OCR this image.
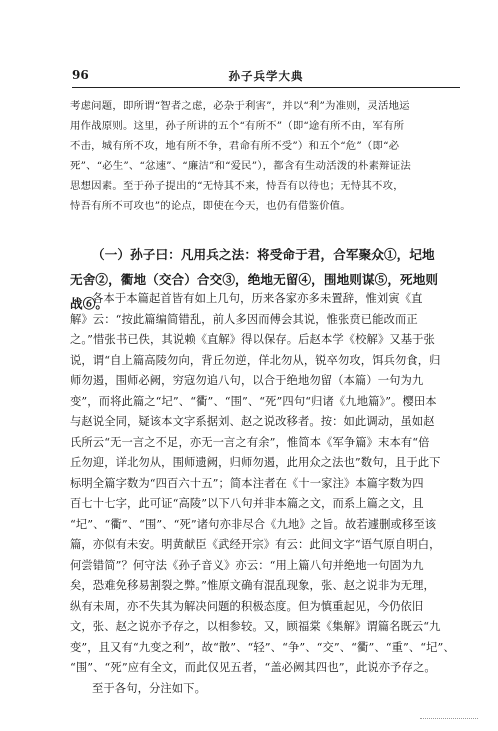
96	孙子兵学大典
考虑问题，即所谓“智者之虑，必杂于利害”，并以“利”为准则，灵活地运
用作战原则。这里，孙子所讲的五个“有所不”（即“途有所不由，军有所
不击，城有所不攻，地有所不争，君命有所不受”）和五个“危”（即“必
死”、“必生”、“忿速”、“廉洁”和“爱民”），都含有生动活泼的朴素辩证法
思想因素。至于孙子提出的“无恃其不来，恃吾有以待也；无恃其不攻，
恃吾有所不可攻也”的论点，即使在今天，也仍有借鉴价值。
（一）孙子曰：凡用兵之法：将受命于君，合军聚众①，圮地
无舍②，衢地（交合）合交③，绝地无留④，围地则谋⑤，死地则
战⑥。
各本于本篇起首皆有如上几句，历来各家亦多未置辞，惟刘寅《直
解》云：“按此篇编简错乱，前人多因而傅会其说，惟张贲已能改而正
之。”惜张书已佚，其说赖《直解》得以保存。后赵本学《校解》又基于张
说，谓“自上篇高陵勿向，背丘勿逆，佯北勿从，锐卒勿攻，饵兵勿食，归
师勿遏，围师必阙，穷寇勿追八句，以合于绝地勿留（本篇）一句为九
变”，而将此篇之“圮”、“衢”、“围”、“死”四句“归诸《九地篇》”。樱田本
与赵说全同，疑该本文字系据刘、赵之说改移者。按：如此调动，虽如赵
氏所云“无一言之不足，亦无一言之有余”，惟简本《军争篇》末本有“倍
丘勿迎，详北勿从，围师遗阙，归师勿遏，此用众之法也”数句，且于此下
标明全篇字数为“四百六十五”；简本注者在《十一家注》本篇字数为四
百七十七字，此可证“高陵”以下八句并非本篇之文，而系上篇之文，且
“圮”、“衢”、“围”、“死”诸句亦非尽合《九地》之旨。故若遽删或移至该
篇，亦似有未安。明黄献臣《武经开宗》有云：此间文字“语气原自明白，
何尝错简”？何守法《孙子音义》亦云：“用上篇八句并绝地一句固为九
矣，恐难免移易割裂之弊。”惟原文确有混乱现象，张、赵之说非为无理，
纵有未周，亦不失其为解决问题的积极态度。但为慎重起见，今仍依旧
文，张、赵之说亦予存之，以相参较。又，顾福棠《集解》谓篇名既云“九
变”，且又有“九变之利”，故“散”、“轻”、“争”、“交”、“衢”、“重”、“圮”、
“围”、“死”应有全文，而此仅见五者，“盖必阙其四也”，此说亦予存之。
至于各句，分注如下。
